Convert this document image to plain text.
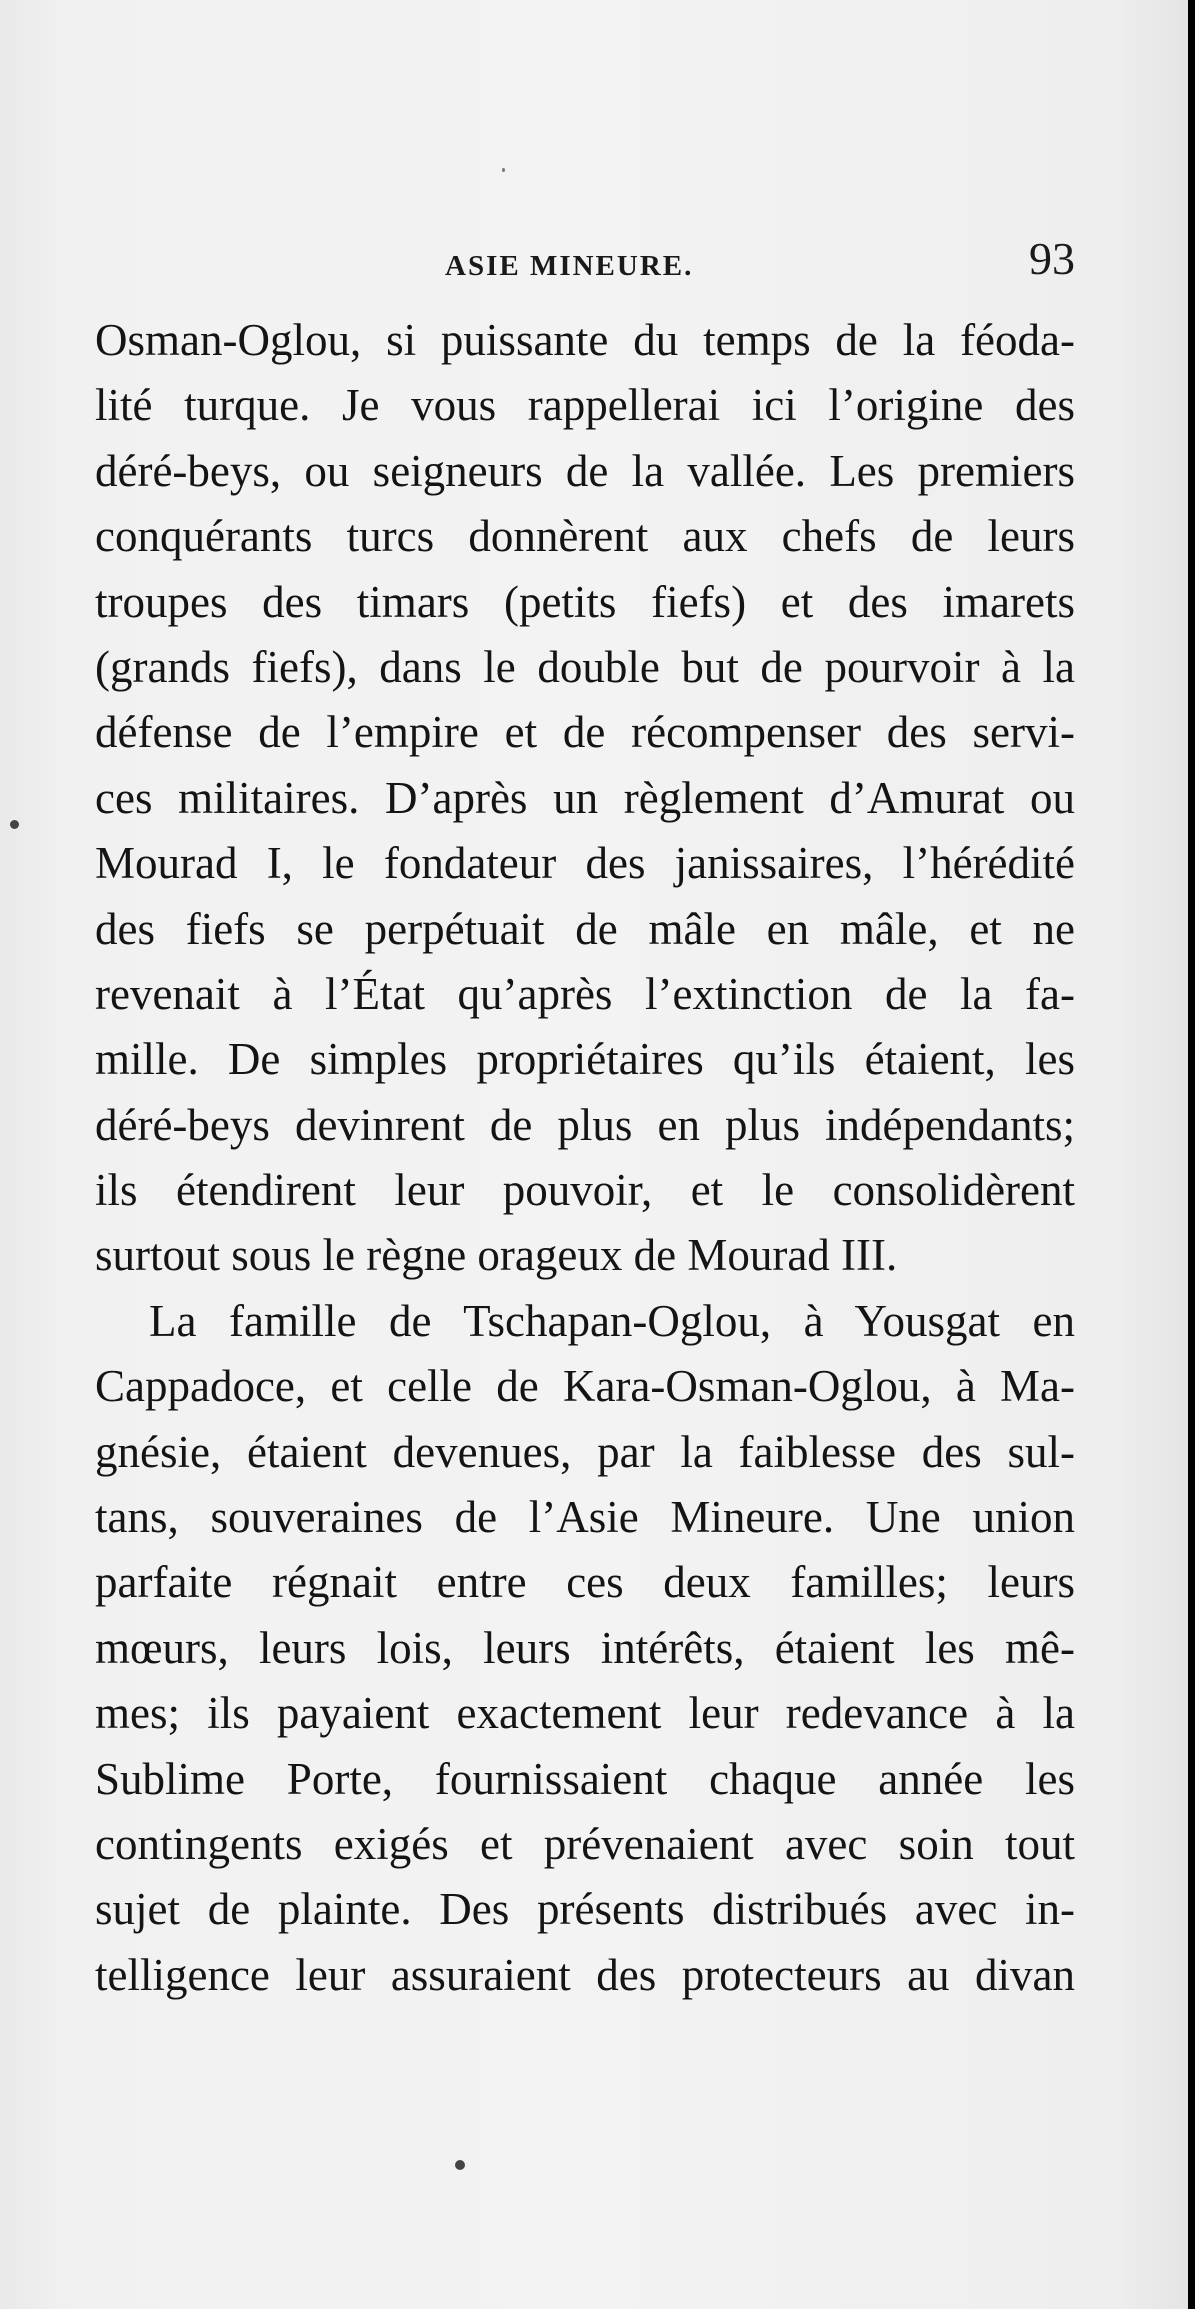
ASIE MINEURE.	93
Osman-Oglou, si puissante du temps de la féoda-
lité turque. Je vous rappellerai ici l’origine des
déré-beys, ou seigneurs de la vallée. Les premiers
conquérants turcs donnèrent aux chefs de leurs
troupes des timars (petits fiefs) et des imarets
(grands fiefs), dans le double but de pourvoir à la
défense de l’empire et de récompenser des servi-
ces militaires. D’après un règlement d’Amurat ou
Mourad I, le fondateur des janissaires, l’hérédité
des fiefs se perpétuait de mâle en mâle, et ne
revenait à l’État qu’après l’extinction de la fa-
mille. De simples propriétaires qu’ils étaient, les
déré-beys devinrent de plus en plus indépendants;
ils étendirent leur pouvoir, et le consolidèrent
surtout sous le règne orageux de Mourad III.
La famille de Tschapan-Oglou, à Yousgat en
Cappadoce, et celle de Kara-Osman-Oglou, à Ma-
gnésie, étaient devenues, par la faiblesse des sul-
tans, souveraines de l’Asie Mineure. Une union
parfaite régnait entre ces deux familles; leurs
mœurs, leurs lois, leurs intérêts, étaient les mê-
mes; ils payaient exactement leur redevance à la
Sublime Porte, fournissaient chaque année les
contingents exigés et prévenaient avec soin tout
sujet de plainte. Des présents distribués avec in-
telligence leur assuraient des protecteurs au divan
